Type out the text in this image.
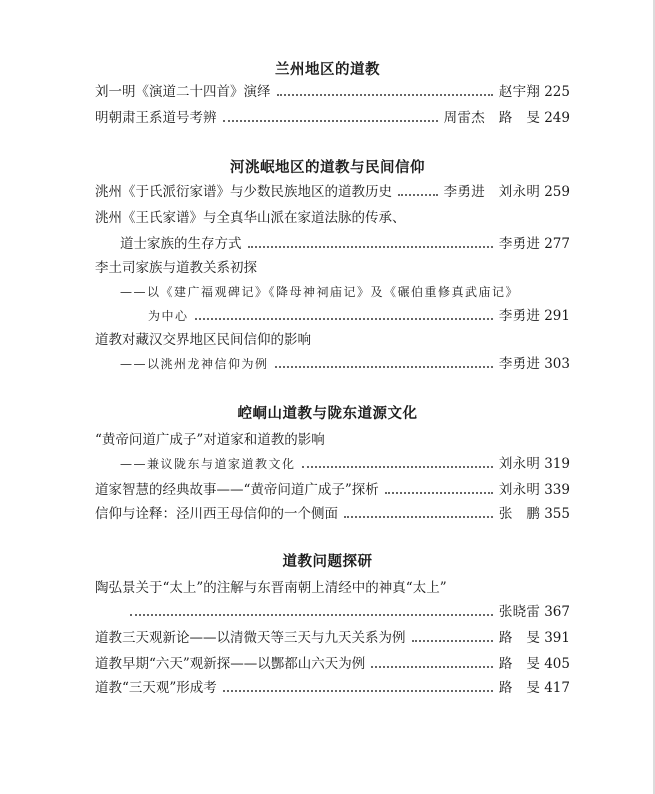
兰州地区的道教
刘一明《演道二十四首》演绎	赵宇翔 225
明朝肃王系道号考辨	周雷杰　路　旻 249
河洮岷地区的道教与民间信仰
洮州《于氏派衍家谱》与少数民族地区的道教历史	李勇进　刘永明 259
洮州《王氏家谱》与全真华山派在家道法脉的传承、
道士家族的生存方式	李勇进 277
李土司家族与道教关系初探
——以《建广福观碑记》《降母神祠庙记》及《碾伯重修真武庙记》
为中心	李勇进 291
道教对藏汉交界地区民间信仰的影响
——以洮州龙神信仰为例	李勇进 303
崆峒山道教与陇东道源文化
“黄帝问道广成子”对道家和道教的影响
——兼议陇东与道家道教文化	刘永明 319
道家智慧的经典故事——“黄帝问道广成子”探析	刘永明 339
信仰与诠释：泾川西王母信仰的一个侧面	张　鹏 355
道教问题探研
陶弘景关于“太上”的注解与东晋南朝上清经中的神真“太上”
张晓雷 367
道教三天观新论——以清微天等三天与九天关系为例	路　旻 391
道教早期“六天”观新探——以酆都山六天为例	路　旻 405
道教“三天观”形成考	路　旻 417
